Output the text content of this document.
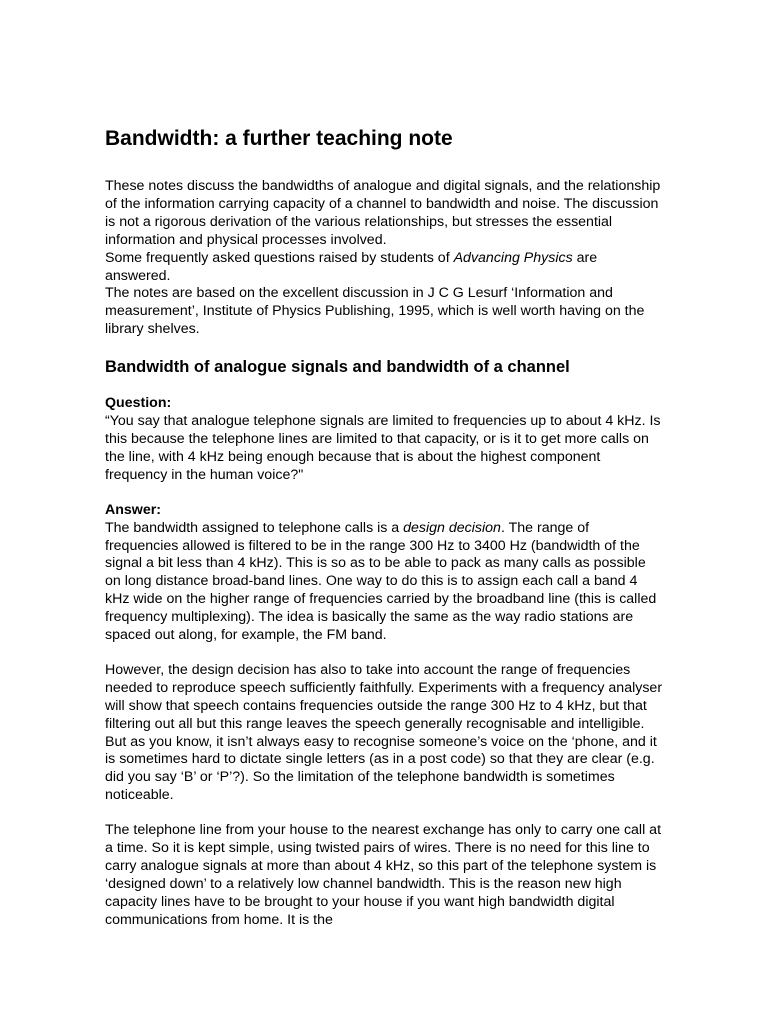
Bandwidth: a further teaching note

These notes discuss the bandwidths of analogue and digital signals, and the relationship of the information carrying capacity of a channel to bandwidth and noise. The discussion is not a rigorous derivation of the various relationships, but stresses the essential information and physical processes involved.

Some frequently asked questions raised by students of Advancing Physics are answered.

The notes are based on the excellent discussion in J C G Lesurf ‘Information and measurement’, Institute of Physics Publishing, 1995, which is well worth having on the library shelves.

Bandwidth of analogue signals and bandwidth of a channel
Question:

“You say that analogue telephone signals are limited to frequencies up to about 4 kHz. Is this because the telephone lines are limited to that capacity, or is it to get more calls on the line, with 4 kHz being enough because that is about the highest component frequency in the human voice?"

Answer:

The bandwidth assigned to telephone calls is a design decision. The range of frequencies allowed is filtered to be in the range 300 Hz to 3400 Hz (bandwidth of the signal a bit less than 4 kHz). This is so as to be able to pack as many calls as possible on long distance broad-band lines. One way to do this is to assign each call a band 4 kHz wide on the higher range of frequencies carried by the broadband line (this is called frequency multiplexing). The idea is basically the same as the way radio stations are spaced out along, for example, the FM band.

However, the design decision has also to take into account the range of frequencies needed to reproduce speech sufficiently faithfully. Experiments with a frequency analyser will show that speech contains frequencies outside the range 300 Hz to 4 kHz, but that filtering out all but this range leaves the speech generally recognisable and intelligible. But as you know, it isn’t always easy to recognise someone’s voice on the ‘phone, and it is sometimes hard to dictate single letters (as in a post code) so that they are clear (e.g. did you say ‘B’ or ‘P’?). So the limitation of the telephone bandwidth is sometimes noticeable.

The telephone line from your house to the nearest exchange has only to carry one call at a time. So it is kept simple, using twisted pairs of wires. There is no need for this line to carry analogue signals at more than about 4 kHz, so this part of the telephone system is ‘designed down’ to a relatively low channel bandwidth. This is the reason new high capacity lines have to be brought to your house if you want high bandwidth digital communications from home. It is the
